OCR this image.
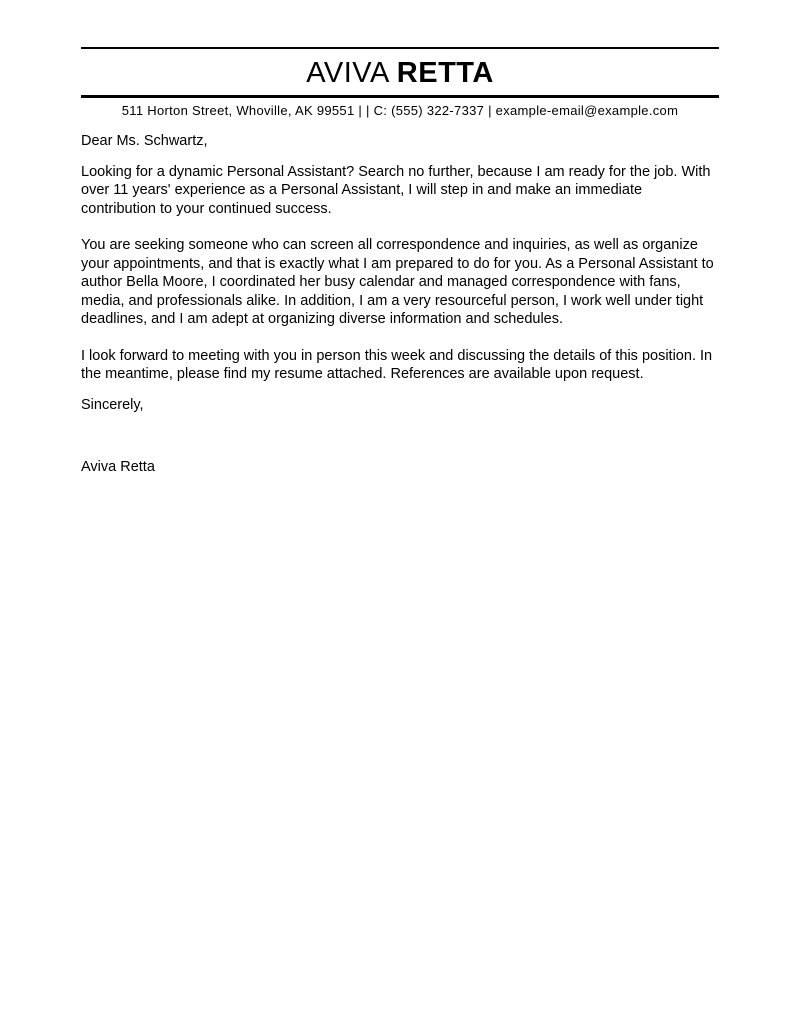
AVIVA RETTA
511 Horton Street, Whoville, AK 99551 | | C: (555) 322-7337 | example-email@example.com

Dear Ms. Schwartz,

Looking for a dynamic Personal Assistant? Search no further, because I am ready for the job. With over 11 years' experience as a Personal Assistant, I will step in and make an immediate contribution to your continued success.

You are seeking someone who can screen all correspondence and inquiries, as well as organize your appointments, and that is exactly what I am prepared to do for you. As a Personal Assistant to author Bella Moore, I coordinated her busy calendar and managed correspondence with fans, media, and professionals alike. In addition, I am a very resourceful person, I work well under tight deadlines, and I am adept at organizing diverse information and schedules.

I look forward to meeting with you in person this week and discussing the details of this position. In the meantime, please find my resume attached. References are available upon request.

Sincerely,

Aviva Retta
